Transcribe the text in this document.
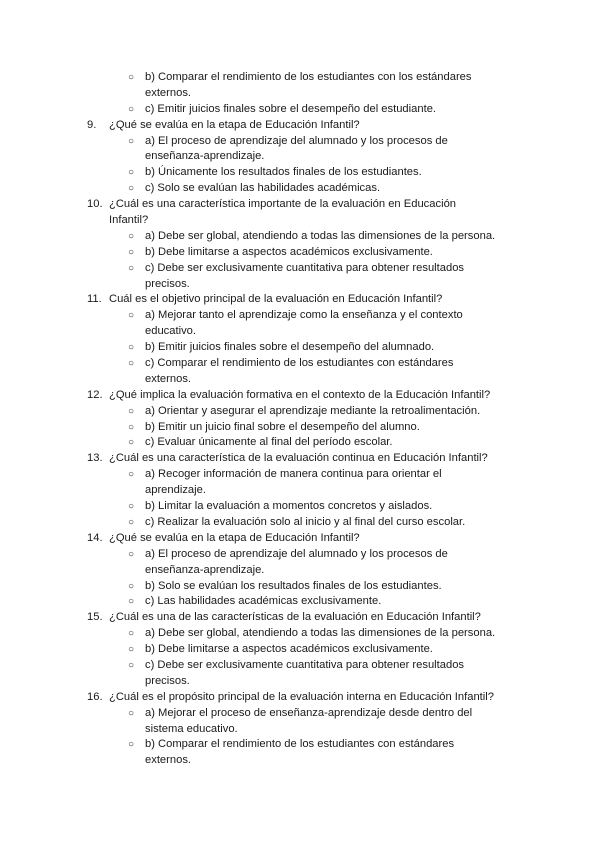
○ b) Comparar el rendimiento de los estudiantes con los estándares
externos.
○ c) Emitir juicios finales sobre el desempeño del estudiante.
9. ¿Qué se evalúa en la etapa de Educación Infantil?
○ a) El proceso de aprendizaje del alumnado y los procesos de
enseñanza-aprendizaje.
○ b) Únicamente los resultados finales de los estudiantes.
○ c) Solo se evalúan las habilidades académicas.
10. ¿Cuál es una característica importante de la evaluación en Educación
Infantil?
○ a) Debe ser global, atendiendo a todas las dimensiones de la persona.
○ b) Debe limitarse a aspectos académicos exclusivamente.
○ c) Debe ser exclusivamente cuantitativa para obtener resultados
precisos.
11. Cuál es el objetivo principal de la evaluación en Educación Infantil?
○ a) Mejorar tanto el aprendizaje como la enseñanza y el contexto
educativo.
○ b) Emitir juicios finales sobre el desempeño del alumnado.
○ c) Comparar el rendimiento de los estudiantes con estándares
externos.
12. ¿Qué implica la evaluación formativa en el contexto de la Educación Infantil?
○ a) Orientar y asegurar el aprendizaje mediante la retroalimentación.
○ b) Emitir un juicio final sobre el desempeño del alumno.
○ c) Evaluar únicamente al final del período escolar.
13. ¿Cuál es una característica de la evaluación continua en Educación Infantil?
○ a) Recoger información de manera continua para orientar el
aprendizaje.
○ b) Limitar la evaluación a momentos concretos y aislados.
○ c) Realizar la evaluación solo al inicio y al final del curso escolar.
14. ¿Qué se evalúa en la etapa de Educación Infantil?
○ a) El proceso de aprendizaje del alumnado y los procesos de
enseñanza-aprendizaje.
○ b) Solo se evalúan los resultados finales de los estudiantes.
○ c) Las habilidades académicas exclusivamente.
15. ¿Cuál es una de las características de la evaluación en Educación Infantil?
○ a) Debe ser global, atendiendo a todas las dimensiones de la persona.
○ b) Debe limitarse a aspectos académicos exclusivamente.
○ c) Debe ser exclusivamente cuantitativa para obtener resultados
precisos.
16. ¿Cuál es el propósito principal de la evaluación interna en Educación Infantil?
○ a) Mejorar el proceso de enseñanza-aprendizaje desde dentro del
sistema educativo.
○ b) Comparar el rendimiento de los estudiantes con estándares
externos.
